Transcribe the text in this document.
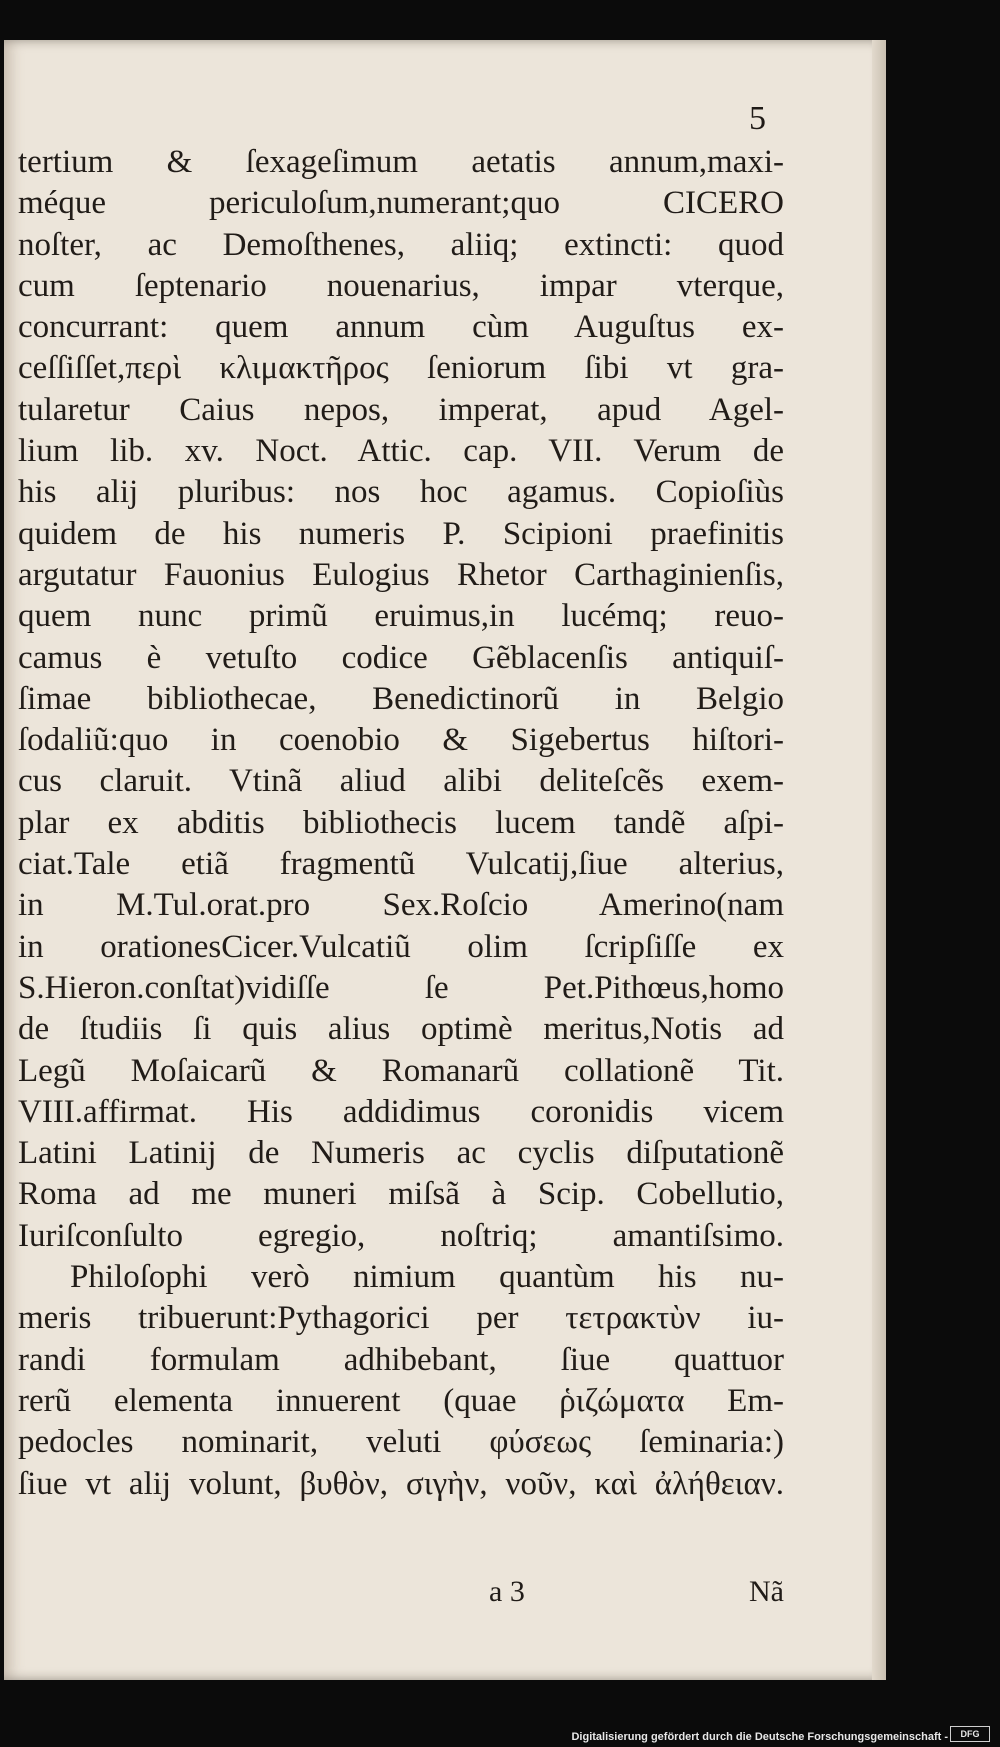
5
tertium & ſexageſimum aetatis annum,maxi-
méque periculoſum,numerant;quo CICERO
noſter, ac Demoſthenes, aliiq; extincti: quod
cum ſeptenario nouenarius, impar vterque,
concurrant: quem annum cùm Auguſtus ex-
ceſſiſſet,περὶ κλιμακτῆρος ſeniorum ſibi vt gra-
tularetur Caius nepos, imperat, apud Agel-
lium lib. xv. Noct. Attic. cap. VII. Verum de
his alij pluribus: nos hoc agamus. Copioſiùs
quidem de his numeris P. Scipioni praefinitis
argutatur Fauonius Eulogius Rhetor Carthaginienſis,
quem nunc primũ eruimus,in lucémq; reuo-
camus è vetuſto codice Gẽblacenſis antiquiſ-
ſimae bibliothecae, Benedictinorũ in Belgio
ſodaliũ:quo in coenobio & Sigebertus hiſtori-
cus claruit. Vtinã aliud alibi deliteſcẽs exem-
plar ex abditis bibliothecis lucem tandẽ aſpi-
ciat.Tale etiã fragmentũ Vulcatij,ſiue alterius,
in M.Tul.orat.pro Sex.Roſcio Amerino(nam
in orationesCicer.Vulcatiũ olim ſcripſiſſe ex
S.Hieron.conſtat)vidiſſe ſe Pet.Pithœus,homo
de ſtudiis ſi quis alius optimè meritus,Notis ad
Legũ Moſaicarũ & Romanarũ collationẽ Tit.
VIII.affirmat. His addidimus coronidis vicem
Latini Latinij de Numeris ac cyclis diſputationẽ
Roma ad me muneri miſsã à Scip. Cobellutio,
Iuriſconſulto egregio, noſtriq; amantiſsimo.
Philoſophi verò nimium quantùm his nu-
meris tribuerunt:Pythagorici per τετρακτὺν iu-
randi formulam adhibebant, ſiue quattuor
rerũ elementa innuerent (quae ῥιζώματα Em-
pedocles nominarit, veluti φύσεως ſeminaria:)
ſiue vt alij volunt, βυθὸν, σιγὴν, νοῦν, καὶ ἀλήθειαν.
a 3	Nã
Digitalisierung gefördert durch die Deutsche Forschungsgemeinschaft -	DFG
